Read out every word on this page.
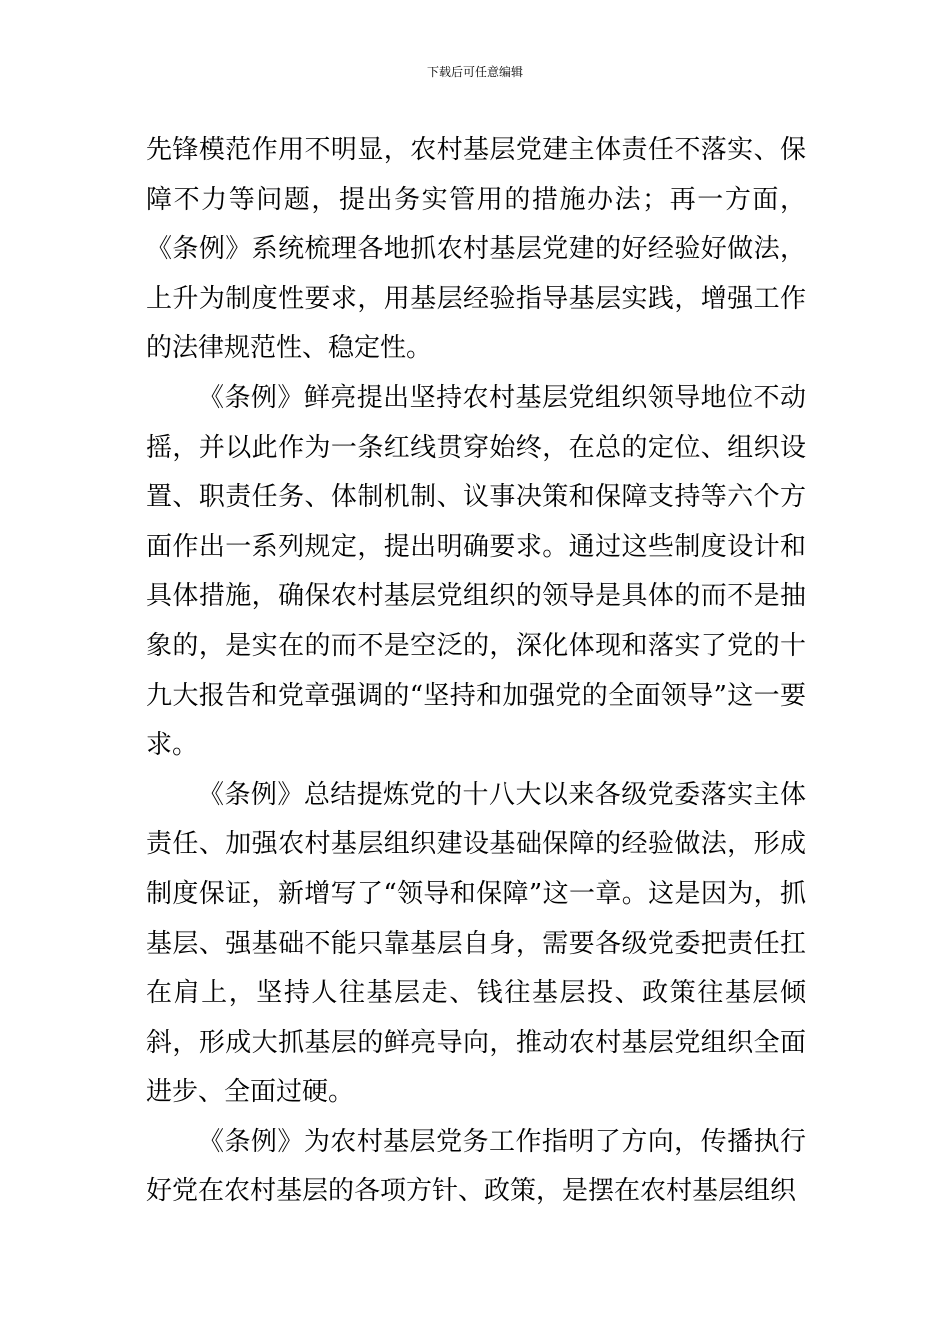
下载后可任意编辑

先锋模范作用不明显，农村基层党建主体责任不落实、保障不力等问题，提出务实管用的措施办法；再一方面，《条例》系统梳理各地抓农村基层党建的好经验好做法，上升为制度性要求，用基层经验指导基层实践，增强工作的法律规范性、稳定性。

《条例》鲜亮提出坚持农村基层党组织领导地位不动摇，并以此作为一条红线贯穿始终，在总的定位、组织设置、职责任务、体制机制、议事决策和保障支持等六个方面作出一系列规定，提出明确要求。通过这些制度设计和具体措施，确保农村基层党组织的领导是具体的而不是抽象的，是实在的而不是空泛的，深化体现和落实了党的十九大报告和党章强调的“坚持和加强党的全面领导”这一要求。

《条例》总结提炼党的十八大以来各级党委落实主体责任、加强农村基层组织建设基础保障的经验做法，形成制度保证，新增写了“领导和保障”这一章。这是因为，抓基层、强基础不能只靠基层自身，需要各级党委把责任扛在肩上，坚持人往基层走、钱往基层投、政策往基层倾斜，形成大抓基层的鲜亮导向，推动农村基层党组织全面进步、全面过硬。

《条例》为农村基层党务工作指明了方向，传播执行好党在农村基层的各项方针、政策，是摆在农村基层组织
